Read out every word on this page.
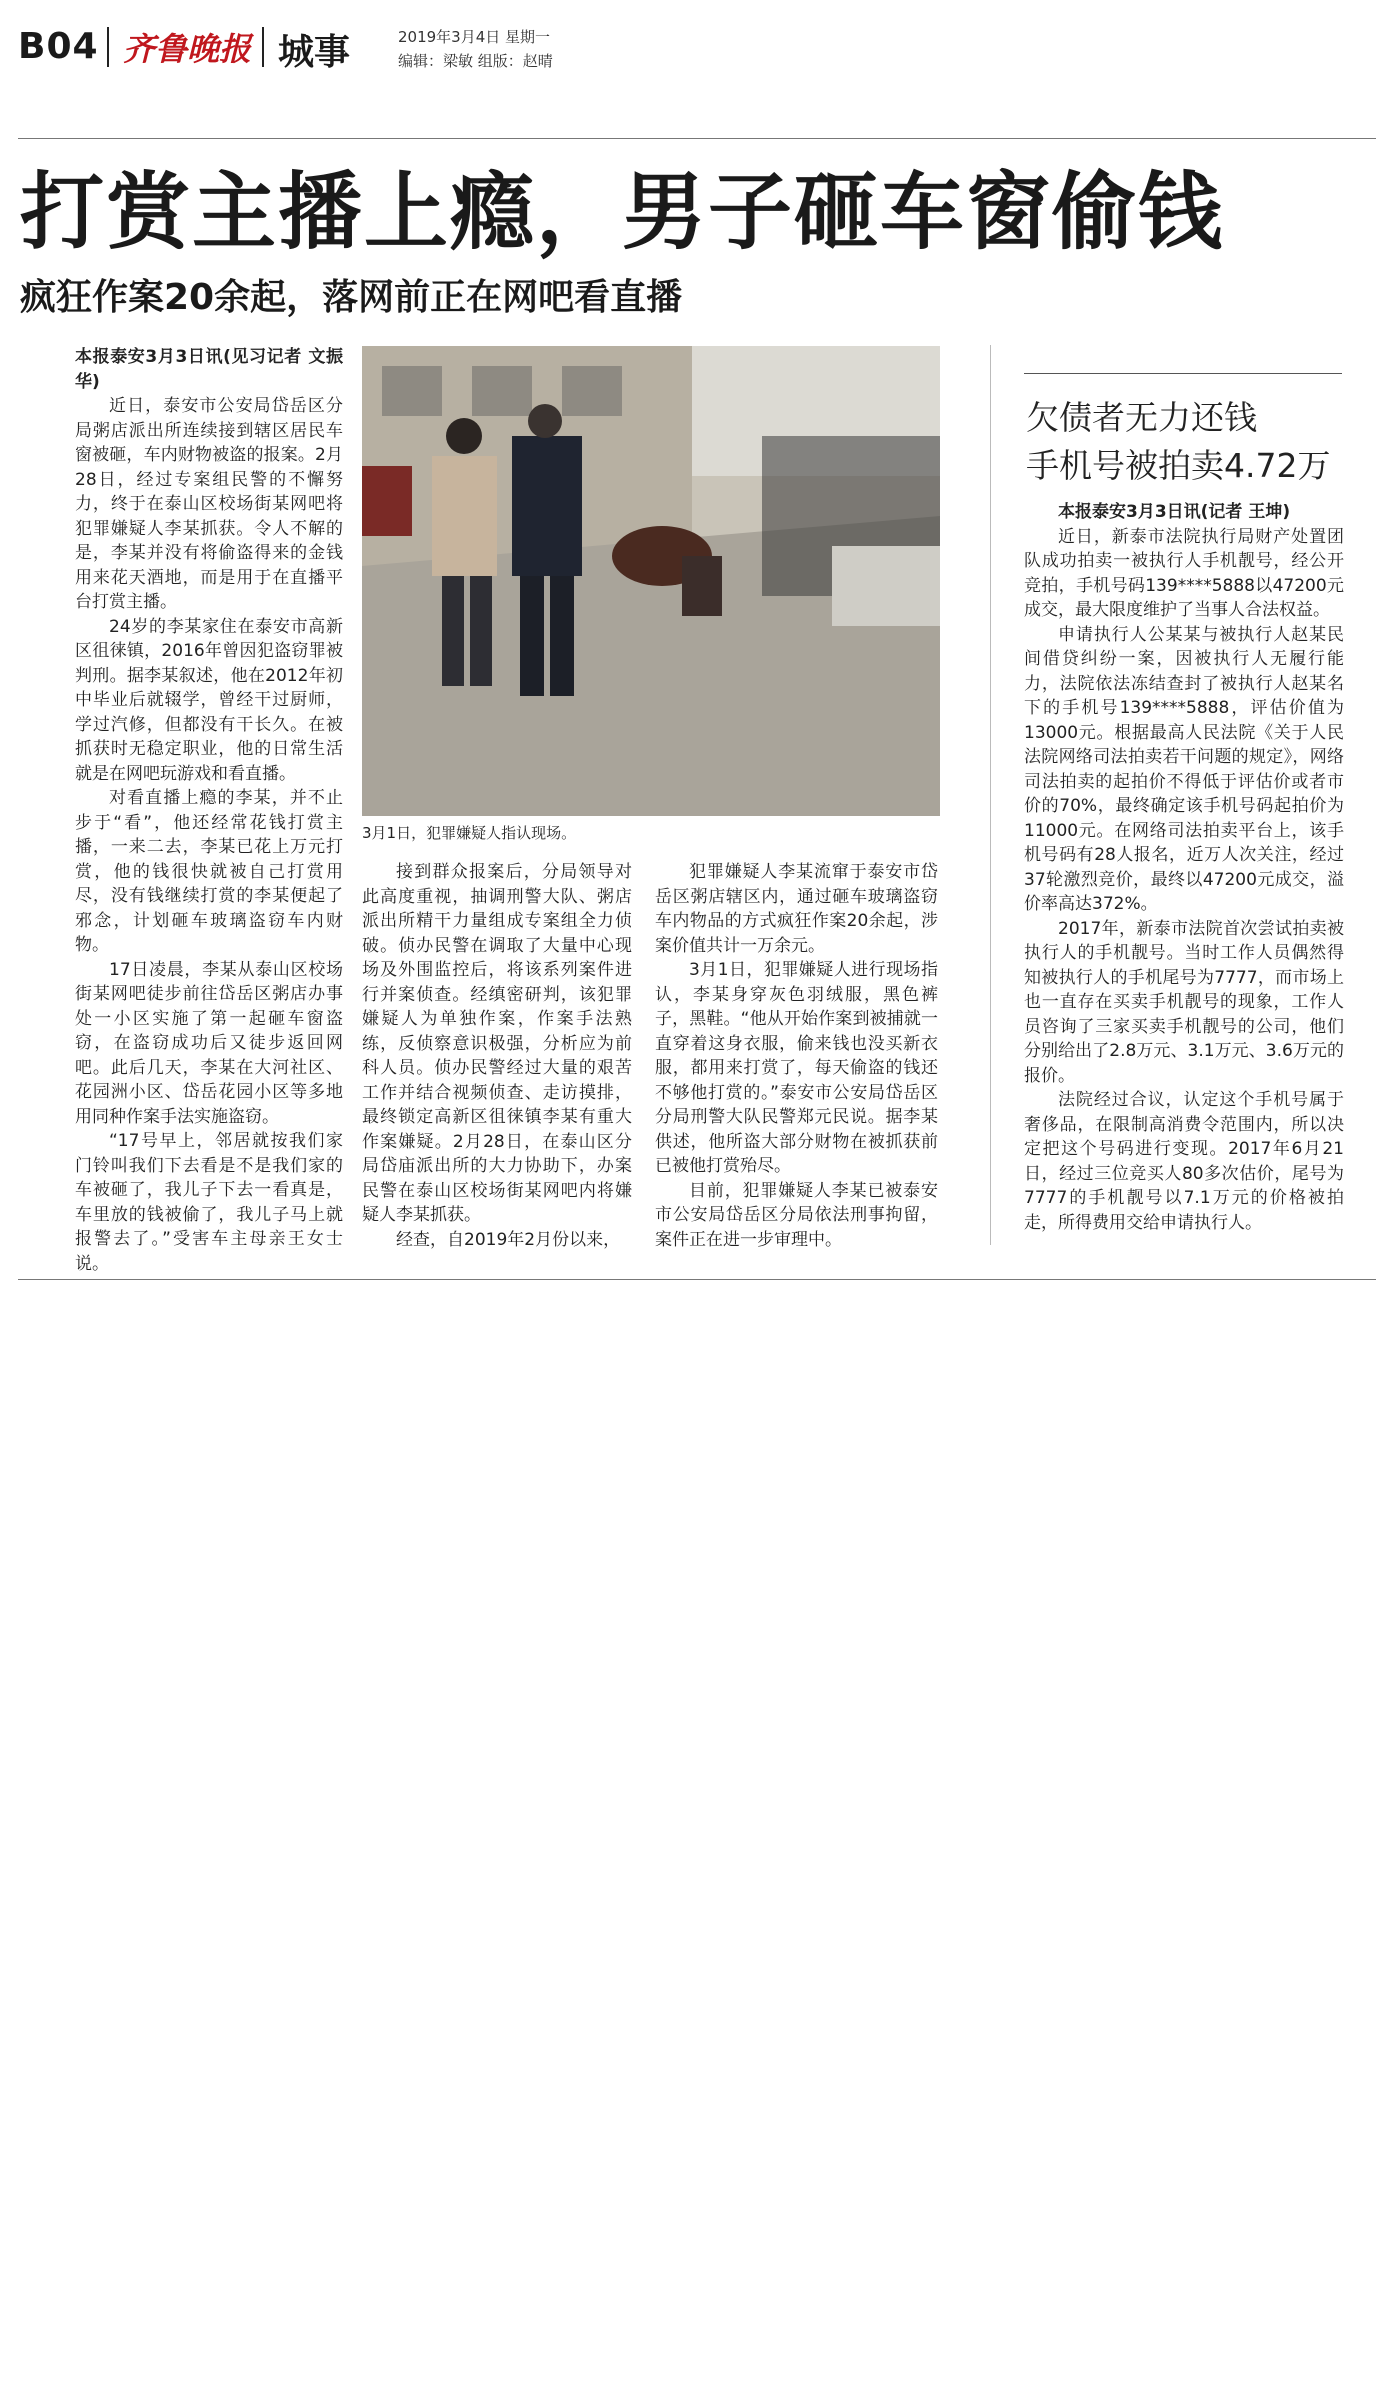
B04 齐鲁晚报 城事	2019年3月4日 星期一
编辑：梁敏 组版：赵晴
打赏主播上瘾，男子砸车窗偷钱
疯狂作案20余起，落网前正在网吧看直播

本报泰安3月3日讯(见习记者 文振华)

近日，泰安市公安局岱岳区分局粥店派出所连续接到辖区居民车窗被砸，车内财物被盗的报案。2月28日，经过专案组民警的不懈努力，终于在泰山区校场街某网吧将犯罪嫌疑人李某抓获。令人不解的是，李某并没有将偷盗得来的金钱用来花天酒地，而是用于在直播平台打赏主播。

24岁的李某家住在泰安市高新区徂徕镇，2016年曾因犯盗窃罪被判刑。据李某叙述，他在2012年初中毕业后就辍学，曾经干过厨师，学过汽修，但都没有干长久。在被抓获时无稳定职业，他的日常生活就是在网吧玩游戏和看直播。

对看直播上瘾的李某，并不止步于“看”，他还经常花钱打赏主播，一来二去，李某已花上万元打赏，他的钱很快就被自己打赏用尽，没有钱继续打赏的李某便起了邪念，计划砸车玻璃盗窃车内财物。

17日凌晨，李某从泰山区校场街某网吧徒步前往岱岳区粥店办事处一小区实施了第一起砸车窗盗窃，在盗窃成功后又徒步返回网吧。此后几天，李某在大河社区、花园洲小区、岱岳花园小区等多地用同种作案手法实施盗窃。

“17号早上，邻居就按我们家门铃叫我们下去看是不是我们家的车被砸了，我儿子下去一看真是，车里放的钱被偷了，我儿子马上就报警去了。”受害车主母亲王女士说。

3月1日，犯罪嫌疑人指认现场。

接到群众报案后，分局领导对此高度重视，抽调刑警大队、粥店派出所精干力量组成专案组全力侦破。侦办民警在调取了大量中心现场及外围监控后，将该系列案件进行并案侦查。经缜密研判，该犯罪嫌疑人为单独作案，作案手法熟练，反侦察意识极强，分析应为前科人员。侦办民警经过大量的艰苦工作并结合视频侦查、走访摸排，最终锁定高新区徂徕镇李某有重大作案嫌疑。2月28日，在泰山区分局岱庙派出所的大力协助下，办案民警在泰山区校场街某网吧内将嫌疑人李某抓获。

经查，自2019年2月份以来，

犯罪嫌疑人李某流窜于泰安市岱岳区粥店辖区内，通过砸车玻璃盗窃车内物品的方式疯狂作案20余起，涉案价值共计一万余元。

3月1日，犯罪嫌疑人进行现场指认，李某身穿灰色羽绒服，黑色裤子，黑鞋。“他从开始作案到被捕就一直穿着这身衣服，偷来钱也没买新衣服，都用来打赏了，每天偷盗的钱还不够他打赏的。”泰安市公安局岱岳区分局刑警大队民警郑元民说。据李某供述，他所盗大部分财物在被抓获前已被他打赏殆尽。

目前，犯罪嫌疑人李某已被泰安市公安局岱岳区分局依法刑事拘留，案件正在进一步审理中。

欠债者无力还钱
手机号被拍卖4.72万

本报泰安3月3日讯(记者 王坤)

近日，新泰市法院执行局财产处置团队成功拍卖一被执行人手机靓号，经公开竞拍，手机号码139****5888以47200元成交，最大限度维护了当事人合法权益。

申请执行人公某某与被执行人赵某民间借贷纠纷一案，因被执行人无履行能力，法院依法冻结查封了被执行人赵某名下的手机号139****5888，评估价值为13000元。根据最高人民法院《关于人民法院网络司法拍卖若干问题的规定》，网络司法拍卖的起拍价不得低于评估价或者市价的70%，最终确定该手机号码起拍价为11000元。在网络司法拍卖平台上，该手机号码有28人报名，近万人次关注，经过37轮激烈竞价，最终以47200元成交，溢价率高达372%。

2017年，新泰市法院首次尝试拍卖被执行人的手机靓号。当时工作人员偶然得知被执行人的手机尾号为7777，而市场上也一直存在买卖手机靓号的现象，工作人员咨询了三家买卖手机靓号的公司，他们分别给出了2.8万元、3.1万元、3.6万元的报价。

法院经过合议，认定这个手机号属于奢侈品，在限制高消费令范围内，所以决定把这个号码进行变现。2017年6月21日，经过三位竞买人80多次估价，尾号为7777的手机靓号以7.1万元的价格被拍走，所得费用交给申请执行人。
